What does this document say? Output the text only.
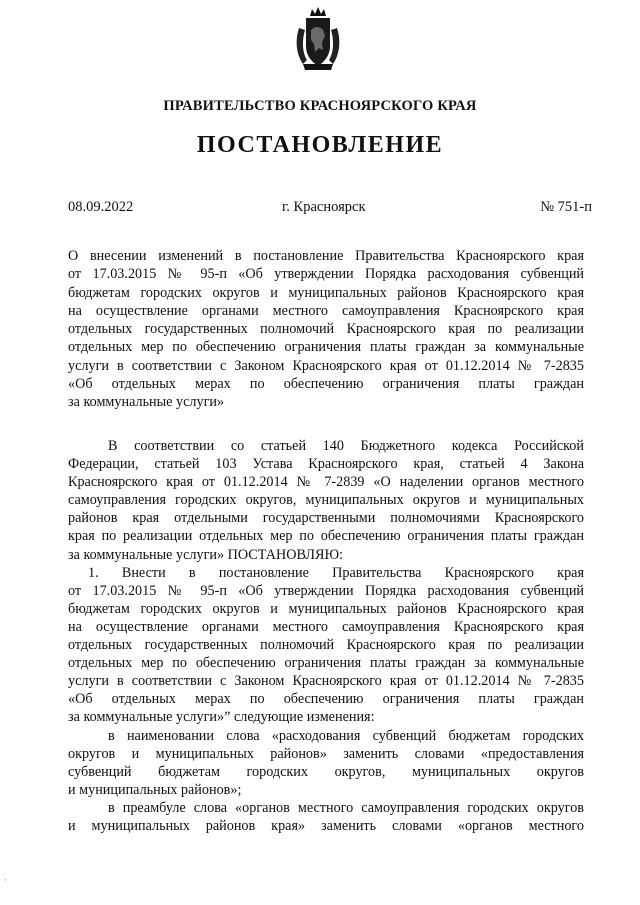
ПРАВИТЕЛЬСТВО КРАСНОЯРСКОГО КРАЯ
ПОСТАНОВЛЕНИЕ
08.09.2022	г. Красноярск	№ 751-п
О внесении изменений в постановление Правительства Красноярского края
от 17.03.2015 № 95-п «Об утверждении Порядка расходования субвенций
бюджетам городских округов и муниципальных районов Красноярского края
на осуществление органами местного самоуправления Красноярского края
отдельных государственных полномочий Красноярского края по реализации
отдельных мер по обеспечению ограничения платы граждан за коммунальные
услуги в соответствии с Законом Красноярского края от 01.12.2014 № 7-2835
«Об отдельных мерах по обеспечению ограничения платы граждан
за коммунальные услуги»
В соответствии со статьей 140 Бюджетного кодекса Российской
Федерации, статьей 103 Устава Красноярского края, статьей 4 Закона
Красноярского края от 01.12.2014 № 7-2839 «О наделении органов местного
самоуправления городских округов, муниципальных округов и муниципальных
районов края отдельными государственными полномочиями Красноярского
края по реализации отдельных мер по обеспечению ограничения платы граждан
за коммунальные услуги» ПОСТАНОВЛЯЮ:
1. Внести в постановление Правительства Красноярского края
от 17.03.2015 № 95-п «Об утверждении Порядка расходования субвенций
бюджетам городских округов и муниципальных районов Красноярского края
на осуществление органами местного самоуправления Красноярского края
отдельных государственных полномочий Красноярского края по реализации
отдельных мер по обеспечению ограничения платы граждан за коммунальные
услуги в соответствии с Законом Красноярского края от 01.12.2014 № 7-2835
«Об отдельных мерах по обеспечению ограничения платы граждан
за коммунальные услуги»” следующие изменения:
в наименовании слова «расходования субвенций бюджетам городских
округов и муниципальных районов» заменить словами «предоставления
субвенций бюджетам городских округов, муниципальных округов
и муниципальных районов»;
в преамбуле слова «органов местного самоуправления городских округов
и муниципальных районов края» заменить словами «органов местного
·
